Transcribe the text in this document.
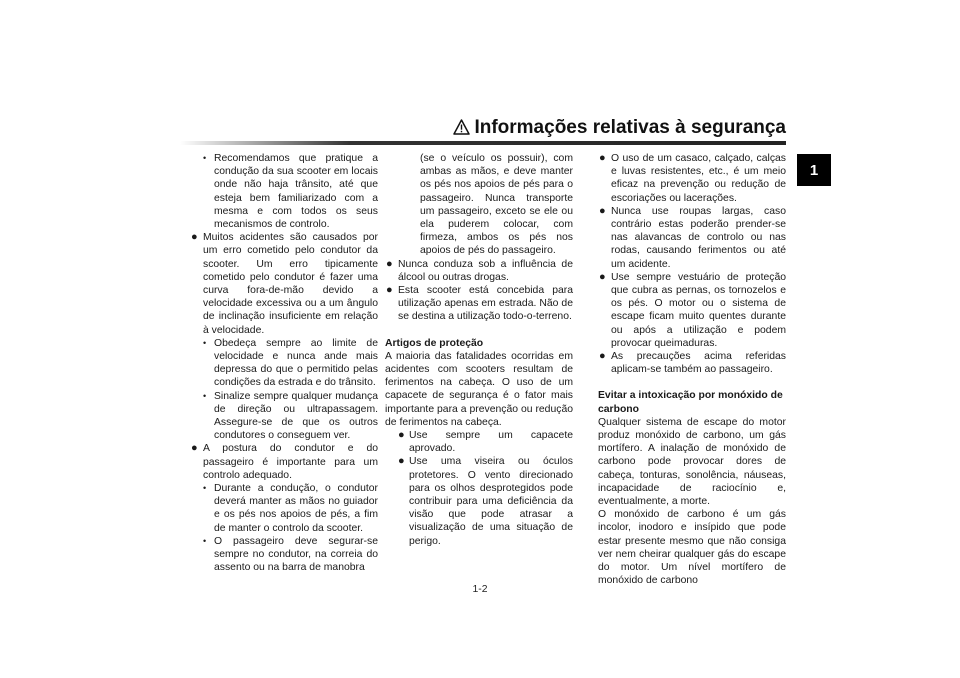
Informações relativas à segurança
1
• Recomendamos que pratique a condução da sua scooter em locais onde não haja trânsito, até que esteja bem familiarizado com a mesma e com todos os seus mecanismos de controlo.
● Muitos acidentes são causados por um erro cometido pelo condutor da scooter. Um erro tipicamente cometido pelo condutor é fazer uma curva fora-de-mão devido a velocidade excessiva ou a um ângulo de inclinação insuficiente em relação à velocidade.
• Obedeça sempre ao limite de velocidade e nunca ande mais depressa do que o permitido pelas condições da estrada e do trânsito.
• Sinalize sempre qualquer mudança de direção ou ultrapassagem. Assegure-se de que os outros condutores o conseguem ver.
● A postura do condutor e do passageiro é importante para um controlo adequado.
• Durante a condução, o condutor deverá manter as mãos no guiador e os pés nos apoios de pés, a fim de manter o controlo da scooter.
• O passageiro deve segurar-se sempre no condutor, na correia do assento ou na barra de manobra
(se o veículo os possuir), com ambas as mãos, e deve manter os pés nos apoios de pés para o passageiro. Nunca transporte um passageiro, exceto se ele ou ela puderem colocar, com firmeza, ambos os pés nos apoios de pés do passageiro.
● Nunca conduza sob a influência de álcool ou outras drogas.
● Esta scooter está concebida para utilização apenas em estrada. Não de se destina a utilização todo-o-terreno.
Artigos de proteção
A maioria das fatalidades ocorridas em acidentes com scooters resultam de ferimentos na cabeça. O uso de um capacete de segurança é o fator mais importante para a prevenção ou redução de ferimentos na cabeça.
● Use sempre um capacete aprovado.
● Use uma viseira ou óculos protetores. O vento direcionado para os olhos desprotegidos pode contribuir para uma deficiência da visão que pode atrasar a visualização de uma situação de perigo.
● O uso de um casaco, calçado, calças e luvas resistentes, etc., é um meio eficaz na prevenção ou redução de escoriações ou lacerações.
● Nunca use roupas largas, caso contrário estas poderão prender-se nas alavancas de controlo ou nas rodas, causando ferimentos ou até um acidente.
● Use sempre vestuário de proteção que cubra as pernas, os tornozelos e os pés. O motor ou o sistema de escape ficam muito quentes durante ou após a utilização e podem provocar queimaduras.
● As precauções acima referidas aplicam-se também ao passageiro.
Evitar a intoxicação por monóxido de carbono
Qualquer sistema de escape do motor produz monóxido de carbono, um gás mortífero. A inalação de monóxido de carbono pode provocar dores de cabeça, tonturas, sonolência, náuseas, incapacidade de raciocínio e, eventualmente, a morte.
O monóxido de carbono é um gás incolor, inodoro e insípido que pode estar presente mesmo que não consiga ver nem cheirar qualquer gás do escape do motor. Um nível mortífero de monóxido de carbono
1-2
